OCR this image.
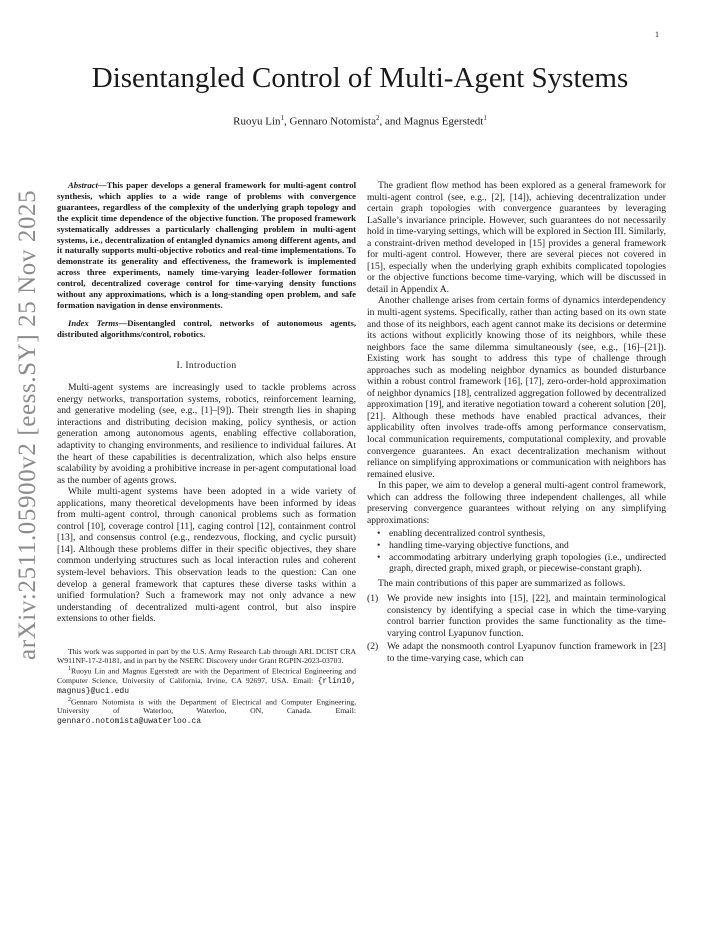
1
arXiv:2511.05900v2 [eess.SY] 25 Nov 2025
Disentangled Control of Multi-Agent Systems
Ruoyu Lin$^1$, Gennaro Notomista$^2$, and Magnus Egerstedt$^1$

Abstract—This paper develops a general framework for multi-agent control synthesis, which applies to a wide range of problems with convergence guarantees, regardless of the complexity of the underlying graph topology and the explicit time dependence of the objective function. The proposed framework systematically addresses a particularly challenging problem in multi-agent systems, i.e., decentralization of entangled dynamics among different agents, and it naturally supports multi-objective robotics and real-time implementations. To demonstrate its generality and effectiveness, the framework is implemented across three experiments, namely time-varying leader-follower formation control, decentralized coverage control for time-varying density functions without any approximations, which is a long-standing open problem, and safe formation navigation in dense environments.

Index Terms—Disentangled control, networks of autonomous agents, distributed algorithms/control, robotics.

I. Introduction

Multi-agent systems are increasingly used to tackle problems across energy networks, transportation systems, robotics, reinforcement learning, and generative modeling (see, e.g., [1]–[9]). Their strength lies in shaping interactions and distributing decision making, policy synthesis, or action generation among autonomous agents, enabling effective collaboration, adaptivity to changing environments, and resilience to individual failures. At the heart of these capabilities is decentralization, which also helps ensure scalability by avoiding a prohibitive increase in per-agent computational load as the number of agents grows.

While multi-agent systems have been adopted in a wide variety of applications, many theoretical developments have been informed by ideas from multi-agent control, through canonical problems such as formation control [10], coverage control [11], caging control [12], containment control [13], and consensus control (e.g., rendezvous, flocking, and cyclic pursuit) [14]. Although these problems differ in their specific objectives, they share common underlying structures such as local interaction rules and coherent system-level behaviors. This observation leads to the question: Can one develop a general framework that captures these diverse tasks within a unified formulation? Such a framework may not only advance a new understanding of decentralized multi-agent control, but also inspire extensions to other fields.

This work was supported in part by the U.S. Army Research Lab through ARL DCIST CRA W911NF-17-2-0181, and in part by the NSERC Discovery under Grant RGPIN-2023-03703.

$^1$Ruoyu Lin and Magnus Egerstedt are with the Department of Electrical Engineering and Computer Science, University of California, Irvine, CA 92697, USA. Email: {rlin10, magnus}@uci.edu

$^2$Gennaro Notomista is with the Department of Electrical and Computer Engineering, University of Waterloo, Waterloo, ON, Canada. Email: gennaro.notomista@uwaterloo.ca

The gradient flow method has been explored as a general framework for multi-agent control (see, e.g., [2], [14]), achieving decentralization under certain graph topologies with convergence guarantees by leveraging LaSalle’s invariance principle. However, such guarantees do not necessarily hold in time-varying settings, which will be explored in Section III. Similarly, a constraint-driven method developed in [15] provides a general framework for multi-agent control. However, there are several pieces not covered in [15], especially when the underlying graph exhibits complicated topologies or the objective functions become time-varying, which will be discussed in detail in Appendix A.

Another challenge arises from certain forms of dynamics interdependency in multi-agent systems. Specifically, rather than acting based on its own state and those of its neighbors, each agent cannot make its decisions or determine its actions without explicitly knowing those of its neighbors, while these neighbors face the same dilemma simultaneously (see, e.g., [16]–[21]). Existing work has sought to address this type of challenge through approaches such as modeling neighbor dynamics as bounded disturbance within a robust control framework [16], [17], zero-order-hold approximation of neighbor dynamics [18], centralized aggregation followed by decentralized approximation [19], and iterative negotiation toward a coherent solution [20], [21]. Although these methods have enabled practical advances, their applicability often involves trade-offs among performance conservatism, local communication requirements, computational complexity, and provable convergence guarantees. An exact decentralization mechanism without reliance on simplifying approximations or communication with neighbors has remained elusive.

In this paper, we aim to develop a general multi-agent control framework, which can address the following three independent challenges, all while preserving convergence guarantees without relying on any simplifying approximations:

• enabling decentralized control synthesis,
• handling time-varying objective functions, and
• accommodating arbitrary underlying graph topologies (i.e., undirected graph, directed graph, mixed graph, or piecewise-constant graph).

The main contributions of this paper are summarized as follows.

(1) We provide new insights into [15], [22], and maintain terminological consistency by identifying a special case in which the time-varying control barrier function provides the same functionality as the time-varying control Lyapunov function.
(2) We adapt the nonsmooth control Lyapunov function framework in [23] to the time-varying case, which can
